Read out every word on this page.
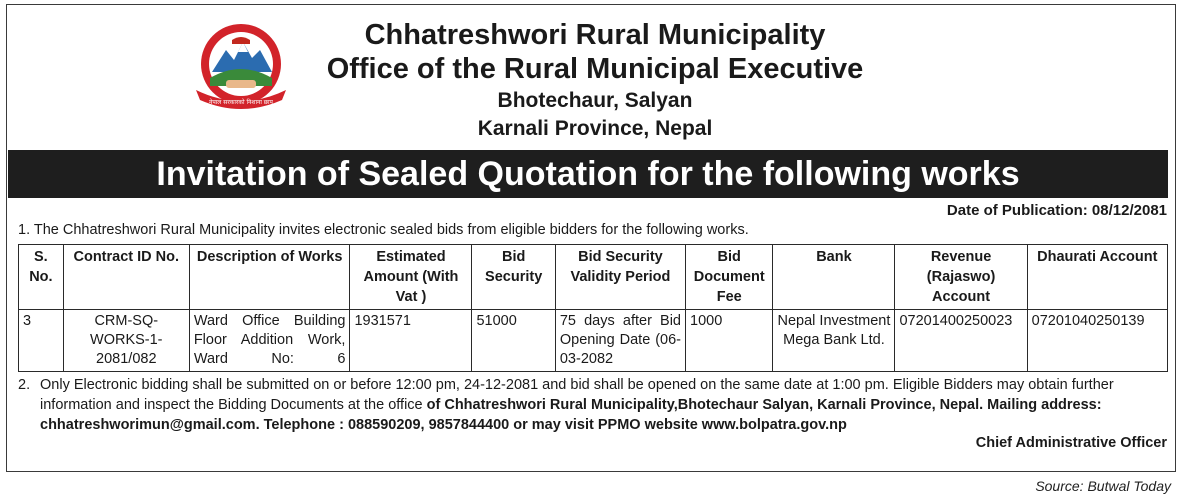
नेपाल सरकारको निशाना छाप
Chhatreshwori Rural Municipality
Office of the Rural Municipal Executive
Bhotechaur, Salyan
Karnali Province, Nepal
Invitation of Sealed Quotation for the following works
Date of Publication: 08/12/2081
1. The Chhatreshwori Rural Municipality invites electronic sealed bids from eligible bidders for the following works.
S. No.	Contract ID No.	Description of Works	Estimated Amount (With Vat )	Bid Security	Bid Security Validity Period	Bid Document Fee	Bank	Revenue (Rajaswo) Account	Dhaurati Account
3	CRM-SQ-WORKS-1-2081/082	Ward Office Building Floor Addition Work, Ward No: 6	1931571	51000	75 days after Bid Opening Date (06-03-2082	1000	Nepal Investment Mega Bank Ltd.	07201400250023	07201040250139
2. Only Electronic bidding shall be submitted on or before 12:00 pm, 24-12-2081 and bid shall be opened on the same date at 1:00 pm. Eligible Bidders may obtain further information and inspect the Bidding Documents at the office of Chhatreshwori Rural Municipality,Bhotechaur Salyan, Karnali Province, Nepal. Mailing address: chhatreshworimun@gmail.com. Telephone : 088590209, 9857844400 or may visit PPMO website www.bolpatra.gov.np
Chief Administrative Officer
Source: Butwal Today
